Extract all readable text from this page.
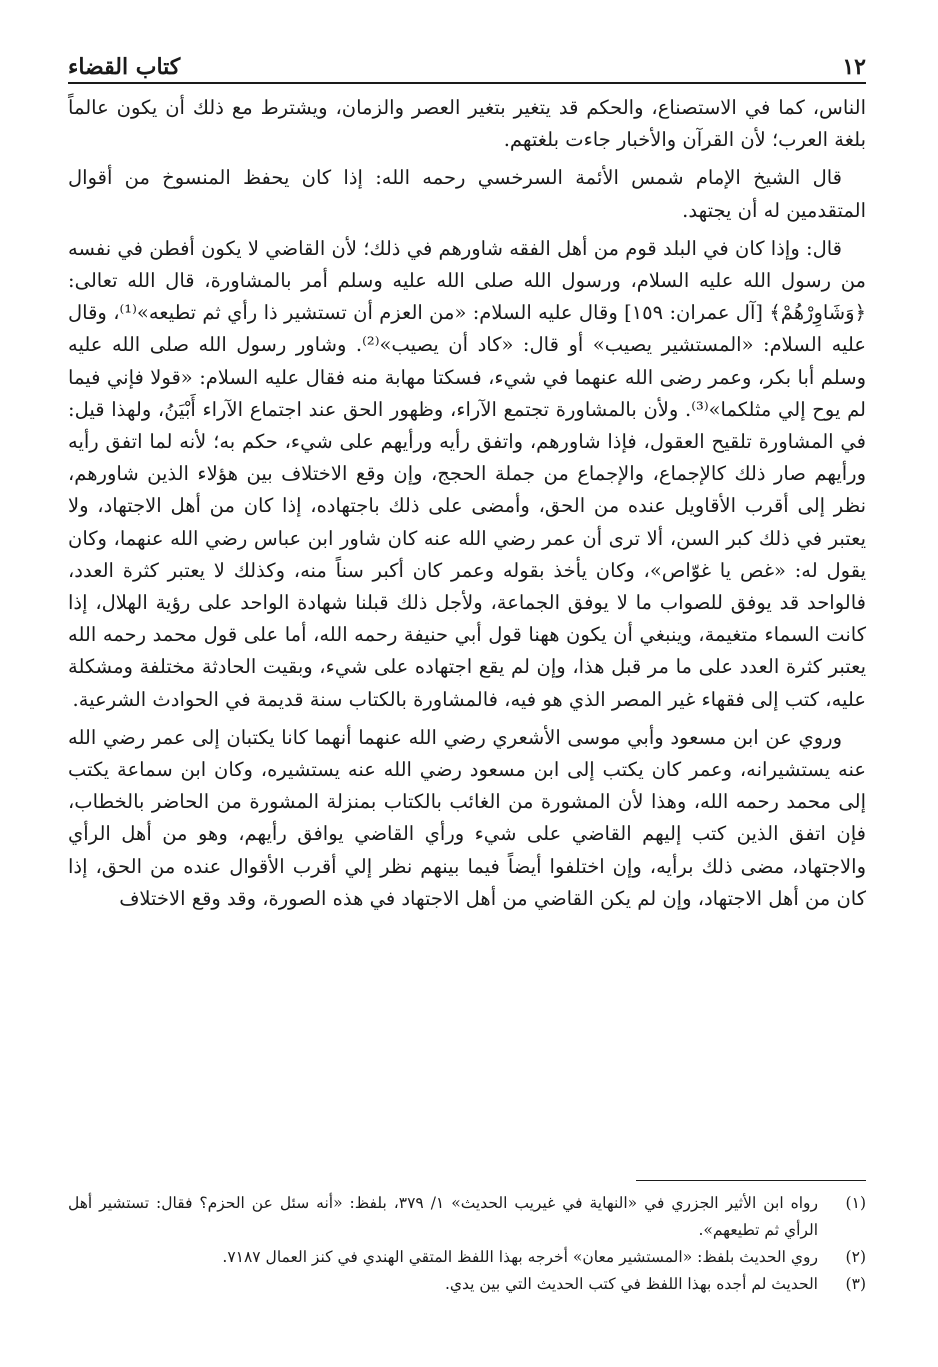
١٢
كتاب القضاء

الناس، كما في الاستصناع، والحكم قد يتغير بتغير العصر والزمان، ويشترط مع ذلك أن يكون عالماً بلغة العرب؛ لأن القرآن والأخبار جاءت بلغتهم.

قال الشيخ الإمام شمس الأئمة السرخسي رحمه الله: إذا كان يحفظ المنسوخ من أقوال المتقدمين له أن يجتهد.

قال: وإذا كان في البلد قوم من أهل الفقه شاورهم في ذلك؛ لأن القاضي لا يكون أفطن في نفسه من رسول الله عليه السلام، ورسول الله صلى الله عليه وسلم أمر بالمشاورة، قال الله تعالى: ﴿وَشَاوِرْهُمْ﴾ [آل عمران: ١٥٩] وقال عليه السلام: «من العزم أن تستشير ذا رأي ثم تطيعه»⁽¹⁾، وقال عليه السلام: «المستشير يصيب» أو قال: «كاد أن يصيب»⁽²⁾. وشاور رسول الله صلى الله عليه وسلم أبا بكر، وعمر رضى الله عنهما في شيء، فسكتا مهابة منه فقال عليه السلام: «قولا فإني فيما لم يوح إلي مثلكما»⁽³⁾. ولأن بالمشاورة تجتمع الآراء، وظهور الحق عند اجتماع الآراء أَبْيَنُ، ولهذا قيل: في المشاورة تلقيح العقول، فإذا شاورهم، واتفق رأيه ورأيهم على شيء، حكم به؛ لأنه لما اتفق رأيه ورأيهم صار ذلك كالإجماع، والإجماع من جملة الحجج، وإن وقع الاختلاف بين هؤلاء الذين شاورهم، نظر إلى أقرب الأقاويل عنده من الحق، وأمضى على ذلك باجتهاده، إذا كان من أهل الاجتهاد، ولا يعتبر في ذلك كبر السن، ألا ترى أن عمر رضي الله عنه كان شاور ابن عباس رضي الله عنهما، وكان يقول له: «غص يا غوّاص»، وكان يأخذ بقوله وعمر كان أكبر سناً منه، وكذلك لا يعتبر كثرة العدد، فالواحد قد يوفق للصواب ما لا يوفق الجماعة، ولأجل ذلك قبلنا شهادة الواحد على رؤية الهلال، إذا كانت السماء متغيمة، وينبغي أن يكون ههنا قول أبي حنيفة رحمه الله، أما على قول محمد رحمه الله يعتبر كثرة العدد على ما مر قبل هذا، وإن لم يقع اجتهاده على شيء، وبقيت الحادثة مختلفة ومشكلة عليه، كتب إلى فقهاء غير المصر الذي هو فيه، فالمشاورة بالكتاب سنة قديمة في الحوادث الشرعية.

وروي عن ابن مسعود وأبي موسى الأشعري رضي الله عنهما أنهما كانا يكتبان إلى عمر رضي الله عنه يستشيرانه، وعمر كان يكتب إلى ابن مسعود رضي الله عنه يستشيره، وكان ابن سماعة يكتب إلى محمد رحمه الله، وهذا لأن المشورة من الغائب بالكتاب بمنزلة المشورة من الحاضر بالخطاب، فإن اتفق الذين كتب إليهم القاضي على شيء ورأي القاضي يوافق رأيهم، وهو من أهل الرأي والاجتهاد، مضى ذلك برأيه، وإن اختلفوا أيضاً فيما بينهم نظر إلي أقرب الأقوال عنده من الحق، إذا كان من أهل الاجتهاد، وإن لم يكن القاضي من أهل الاجتهاد في هذه الصورة، وقد وقع الاختلاف

(١)
رواه ابن الأثير الجزري في «النهاية في غيريب الحديث» ١/ ٣٧٩، بلفظ: «أنه سئل عن الحزم؟ فقال: تستشير أهل الرأي ثم تطيعهم».
(٢)
روي الحديث بلفظ: «المستشير معان» أخرجه بهذا اللفظ المتقي الهندي في كنز العمال ٧١٨٧.
(٣)
الحديث لم أجده بهذا اللفظ في كتب الحديث التي بين يدي.
